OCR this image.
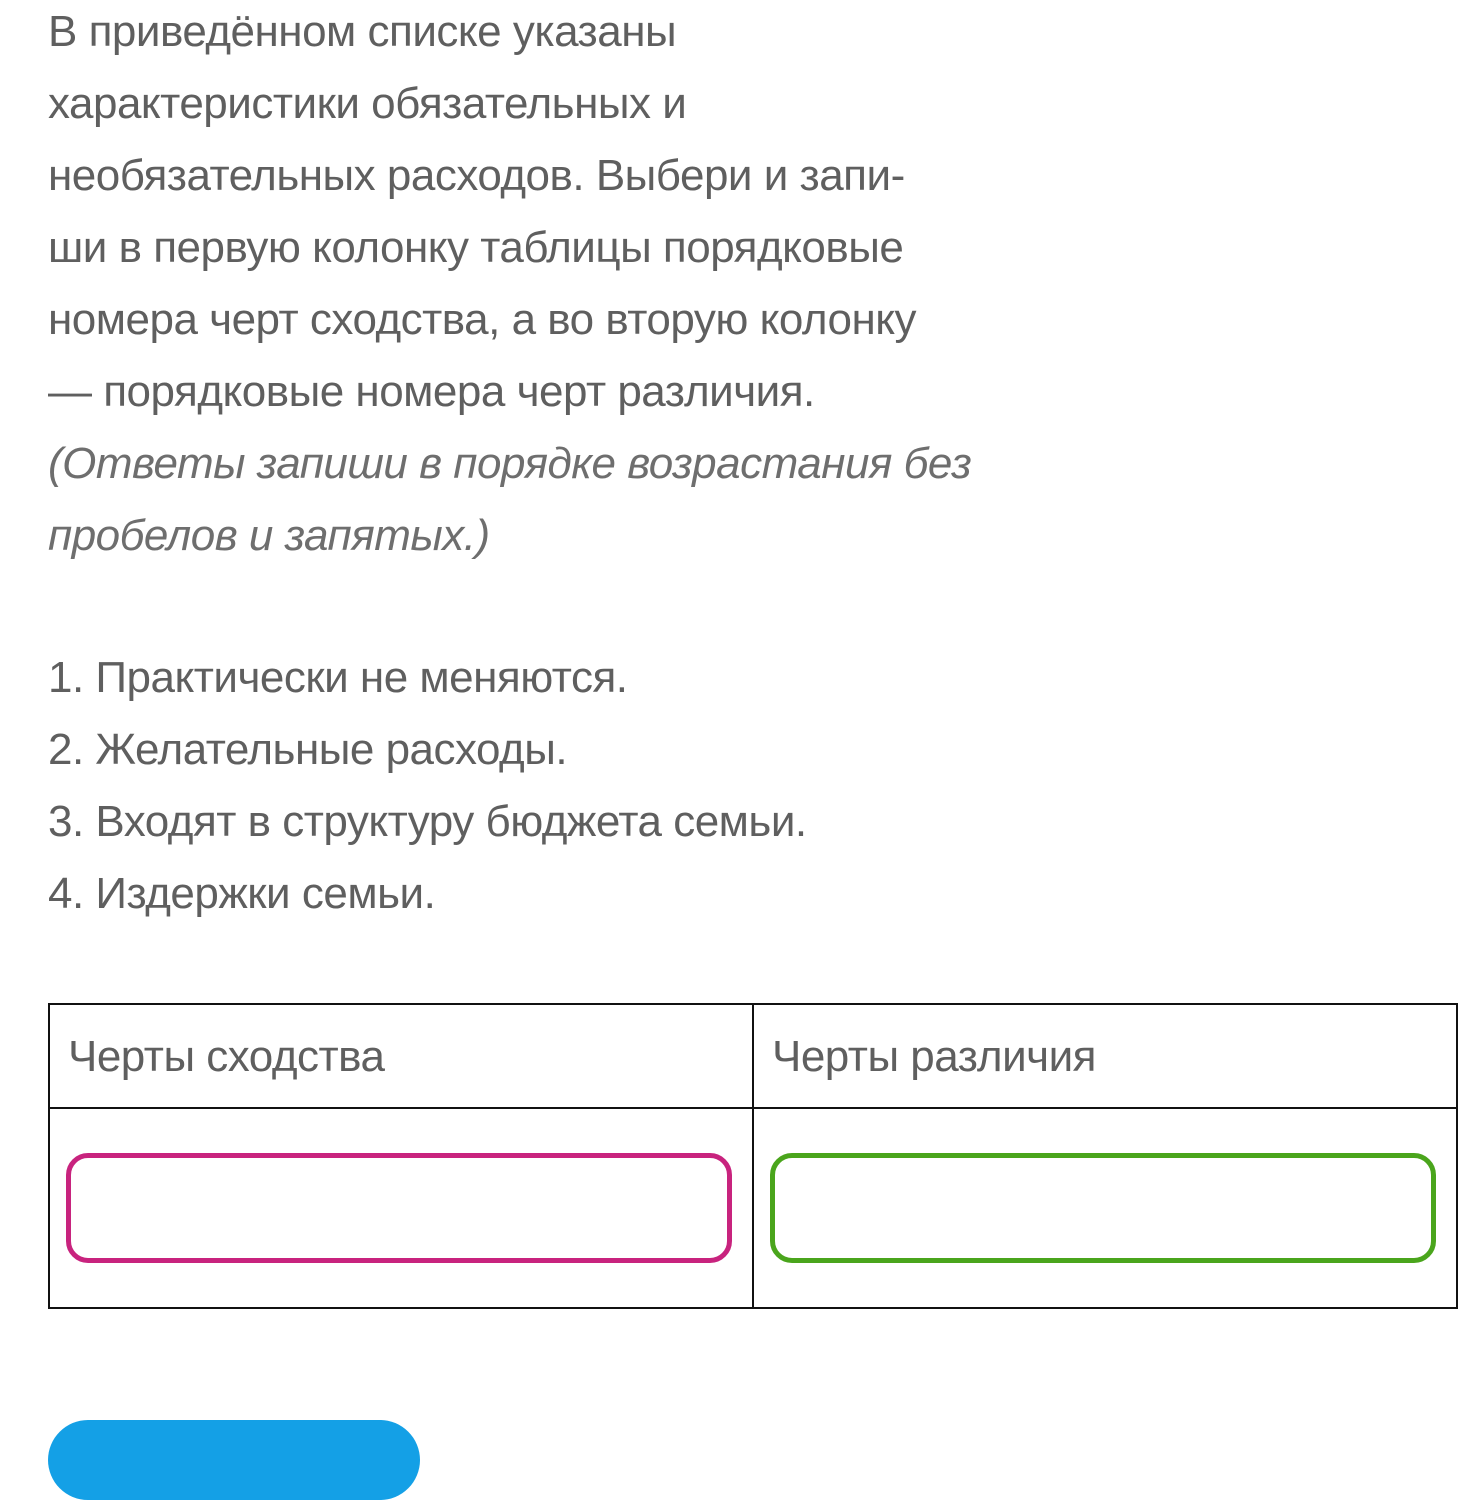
В приведённом списке указаны

характеристики обязательных и

необязательных расходов. Выбери и запи-

ши в первую колонку таблицы порядковые

номера черт сходства, а во вторую колонку

— порядковые номера черт различия.

(Ответы запиши в порядке возрастания без

пробелов и запятых.)

1. Практически не меняются.
2. Желательные расходы.
3. Входят в структуру бюджета семьи.
4. Издержки семьи.
Черты сходства	Черты различия
